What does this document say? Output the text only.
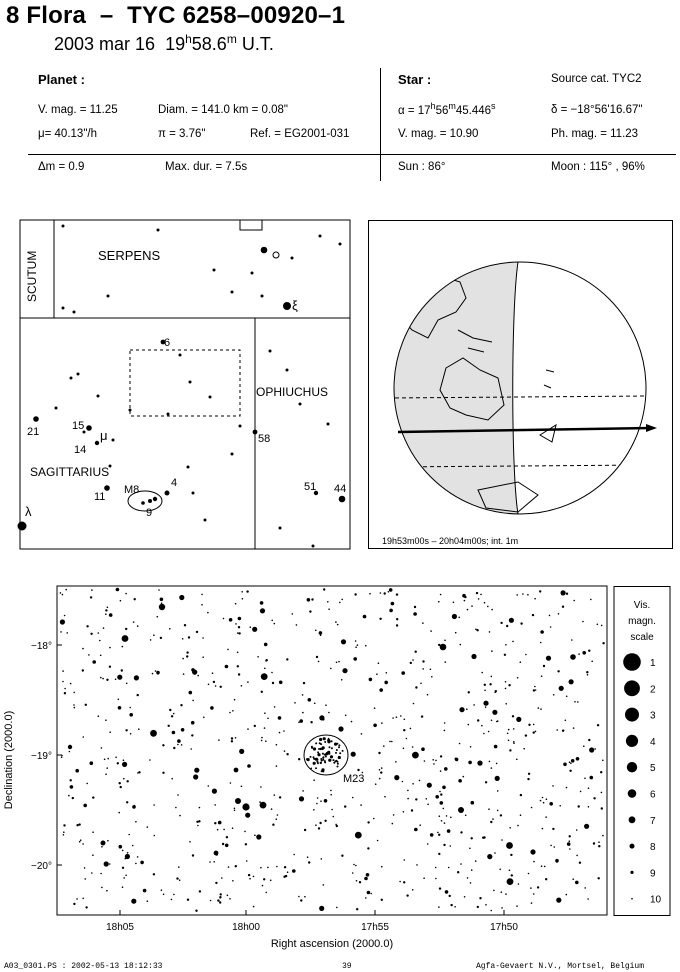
8 Flora  –  TYC 6258–00920–1
2003 mar 16  19$^h$58.6$^m$ U.T.
Planet :
V. mag. = 11.25	Diam. = 141.0 km = 0.08"
μ= 40.13"/h	π = 3.76"	Ref. = EG2001-031
Δm = 0.9	Max. dur. = 7.5s
Star :	Source cat. TYC2
$\alpha = 17^h56^m45.446^s$	δ = −18°56'16.67"
V. mag. = 10.90	Ph. mag. = 11.23
Sun : 86°	Moon : 115° , 96%
SERPENS
SCUTUM
OPHIUCHUS
SAGITTARIUS
ξ
6
15
μ
21
14
58
M8
4
11
9
51 44
λ
19h53m00s – 20h04m00s; int. 1m
M23
−18°
−19°
−20°
18h05	18h00	17h55	17h50
Right ascension (2000.0)
Declination (2000.0)
Vis.
magn.
scale
1
2
3
4
5
6
7
8
9
10
A03_0301.PS : 2002-05-13 18:12:33	39	Agfa-Gevaert N.V., Mortsel, Belgium
